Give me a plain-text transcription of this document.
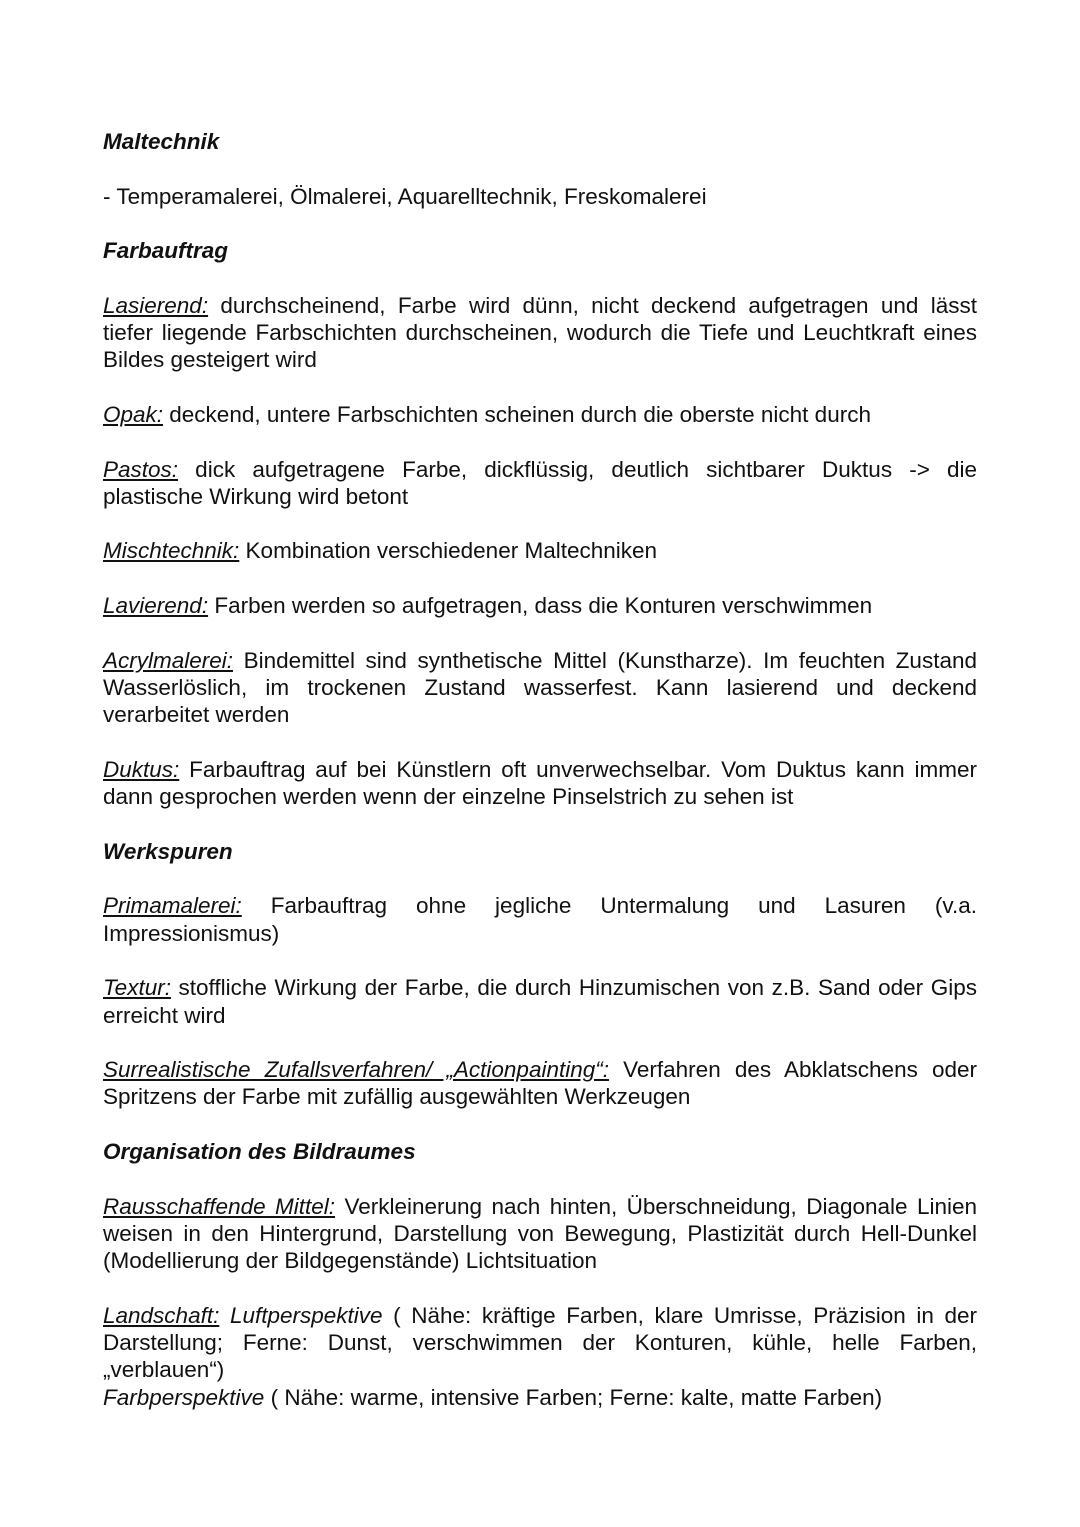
Maltechnik

- Temperamalerei, Ölmalerei, Aquarelltechnik, Freskomalerei

Farbauftrag

Lasierend: durchscheinend, Farbe wird dünn, nicht deckend aufgetragen und lässt tiefer liegende Farbschichten durchscheinen, wodurch die Tiefe und Leuchtkraft eines Bildes gesteigert wird

Opak: deckend, untere Farbschichten scheinen durch die oberste nicht durch

Pastos: dick aufgetragene Farbe, dickflüssig, deutlich sichtbarer Duktus -> die plastische Wirkung wird betont

Mischtechnik: Kombination verschiedener Maltechniken

Lavierend: Farben werden so aufgetragen, dass die Konturen verschwimmen

Acrylmalerei: Bindemittel sind synthetische Mittel (Kunstharze). Im feuchten Zustand Wasserlöslich, im trockenen Zustand wasserfest. Kann lasierend und deckend verarbeitet werden

Duktus: Farbauftrag auf bei Künstlern oft unverwechselbar. Vom Duktus kann immer dann gesprochen werden wenn der einzelne Pinselstrich zu sehen ist

Werkspuren

Primamalerei: Farbauftrag ohne jegliche Untermalung und Lasuren (v.a. Impressionismus)

Textur: stoffliche Wirkung der Farbe, die durch Hinzumischen von z.B. Sand oder Gips erreicht wird

Surrealistische Zufallsverfahren/ „Actionpainting“: Verfahren des Abklatschens oder Spritzens der Farbe mit zufällig ausgewählten Werkzeugen

Organisation des Bildraumes

Rausschaffende Mittel: Verkleinerung nach hinten, Überschneidung, Diagonale Linien weisen in den Hintergrund, Darstellung von Bewegung, Plastizität durch Hell-Dunkel (Modellierung der Bildgegenstände) Lichtsituation

Landschaft: Luftperspektive ( Nähe: kräftige Farben, klare Umrisse, Präzision in der Darstellung; Ferne: Dunst, verschwimmen der Konturen, kühle, helle Farben, „verblauen“)

Farbperspektive ( Nähe: warme, intensive Farben; Ferne: kalte, matte Farben)
